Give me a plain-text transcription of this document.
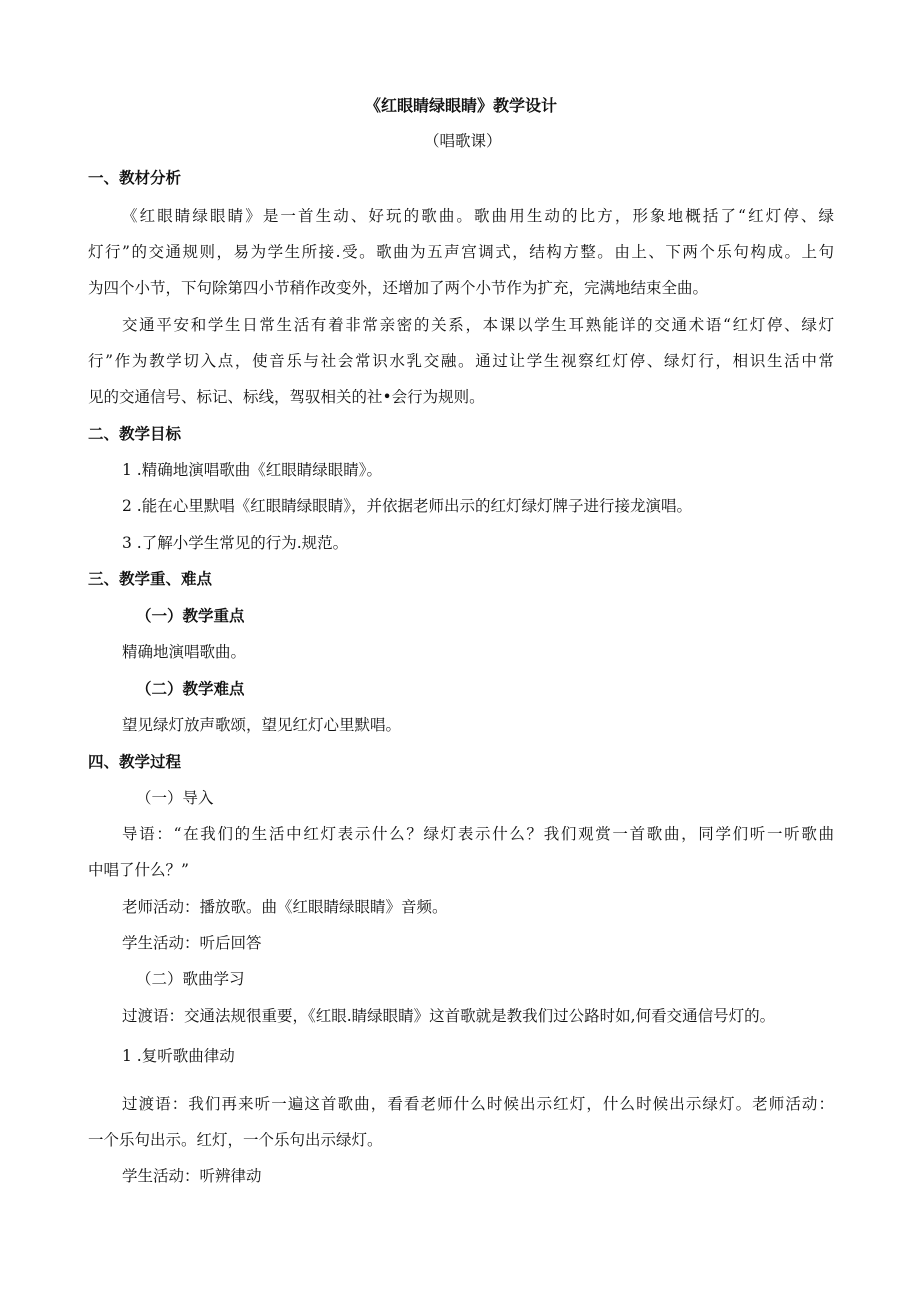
《红眼睛绿眼睛》教学设计
（唱歌课）
一、教材分析
《红眼睛绿眼睛》是一首生动、好玩的歌曲。歌曲用生动的比方，形象地概括了“红灯停、绿
灯行”的交通规则，易为学生所接.受。歌曲为五声宫调式，结构方整。由上、下两个乐句构成。上句
为四个小节，下句除第四小节稍作改变外，还增加了两个小节作为扩充，完满地结束全曲。
交通平安和学生日常生活有着非常亲密的关系，本课以学生耳熟能详的交通术语“红灯停、绿灯
行”作为教学切入点，使音乐与社会常识水乳交融。通过让学生视察红灯停、绿灯行，相识生活中常
见的交通信号、标记、标线，驾驭相关的社•会行为规则。
二、教学目标
1 .精确地演唱歌曲《红眼睛绿眼睛》。
2 .能在心里默唱《红眼睛绿眼睛》，并依据老师出示的红灯绿灯牌子进行接龙演唱。
3 .了解小学生常见的行为.规范。
三、教学重、难点
（一）教学重点
精确地演唱歌曲。
（二）教学难点
望见绿灯放声歌颂，望见红灯心里默唱。
四、教学过程
（一）导入
导语：“在我们的生活中红灯表示什么？绿灯表示什么？我们观赏一首歌曲，同学们听一听歌曲
中唱了什么？”
老师活动：播放歌。曲《红眼睛绿眼睛》音频。
学生活动：听后回答
（二）歌曲学习
过渡语：交通法规很重要，《红眼.睛绿眼睛》这首歌就是教我们过公路时如,何看交通信号灯的。
1 .复听歌曲律动
过渡语：我们再来听一遍这首歌曲，看看老师什么时候出示红灯，什么时候出示绿灯。老师活动：
一个乐句出示。红灯，一个乐句出示绿灯。
学生活动：听辨律动
